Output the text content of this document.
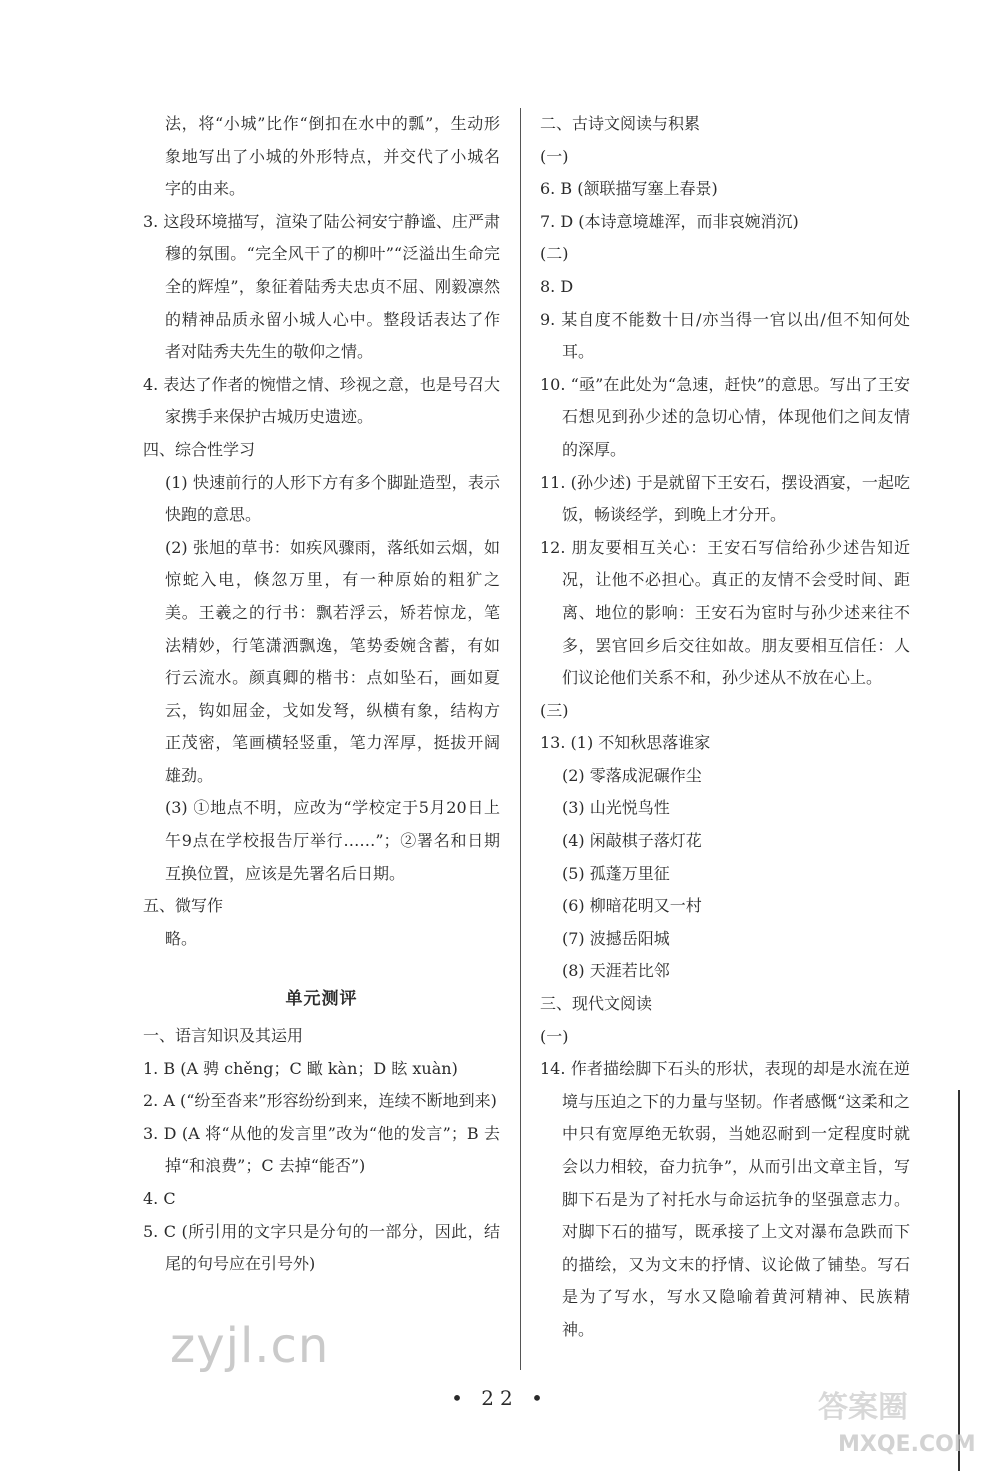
法，将“小城”比作“倒扣在水中的瓢”，生动形象地写出了小城的外形特点，并交代了小城名字的由来。

3. 这段环境描写，渲染了陆公祠安宁静谧、庄严肃穆的氛围。“完全风干了的柳叶”“泛溢出生命完全的辉煌”，象征着陆秀夫忠贞不屈、刚毅凛然的精神品质永留小城人心中。整段话表达了作者对陆秀夫先生的敬仰之情。

4. 表达了作者的惋惜之情、珍视之意，也是号召大家携手来保护古城历史遗迹。

四、综合性学习

(1) 快速前行的人形下方有多个脚趾造型，表示快跑的意思。

(2) 张旭的草书：如疾风骤雨，落纸如云烟，如惊蛇入电，倏忽万里，有一种原始的粗犷之美。王羲之的行书：飘若浮云，矫若惊龙，笔法精妙，行笔潇洒飘逸，笔势委婉含蓄，有如行云流水。颜真卿的楷书：点如坠石，画如夏云，钩如屈金，戈如发弩，纵横有象，结构方正茂密，笔画横轻竖重，笔力浑厚，挺拔开阔雄劲。

(3) ①地点不明，应改为“学校定于5月20日上午9点在学校报告厅举行……”；②署名和日期互换位置，应该是先署名后日期。

五、微写作

略。

单元测评

一、语言知识及其运用

1. B (A 骋 chěng；C 瞰 kàn；D 眩 xuàn)

2. A (“纷至沓来”形容纷纷到来，连续不断地到来)

3. D (A 将“从他的发言里”改为“他的发言”；B 去掉“和浪费”；C 去掉“能否”)

4. C

5. C (所引用的文字只是分句的一部分，因此，结尾的句号应在引号外)

二、古诗文阅读与积累

(一)

6. B (颔联描写塞上春景)

7. D (本诗意境雄浑，而非哀婉消沉)

(二)

8. D

9. 某自度不能数十日/亦当得一官以出/但不知何处耳。

10. “亟”在此处为“急速，赶快”的意思。写出了王安石想见到孙少述的急切心情，体现他们之间友情的深厚。

11. (孙少述) 于是就留下王安石，摆设酒宴，一起吃饭，畅谈经学，到晚上才分开。

12. 朋友要相互关心：王安石写信给孙少述告知近况，让他不必担心。真正的友情不会受时间、距离、地位的影响：王安石为宦时与孙少述来往不多，罢官回乡后交往如故。朋友要相互信任：人们议论他们关系不和，孙少述从不放在心上。

(三)

13. (1) 不知秋思落谁家

(2) 零落成泥碾作尘

(3) 山光悦鸟性

(4) 闲敲棋子落灯花

(5) 孤蓬万里征

(6) 柳暗花明又一村

(7) 波撼岳阳城

(8) 天涯若比邻

三、现代文阅读

(一)

14. 作者描绘脚下石头的形状，表现的却是水流在逆境与压迫之下的力量与坚韧。作者感慨“这柔和之中只有宽厚绝无软弱，当她忍耐到一定程度时就会以力相较，奋力抗争”，从而引出文章主旨，写脚下石是为了衬托水与命运抗争的坚强意志力。对脚下石的描写，既承接了上文对瀑布急跌而下的描绘，又为文末的抒情、议论做了铺垫。写石是为了写水，写水又隐喻着黄河精神、民族精神。

zyjl.cn
• 22 •	答案圈
MXQE.COM
